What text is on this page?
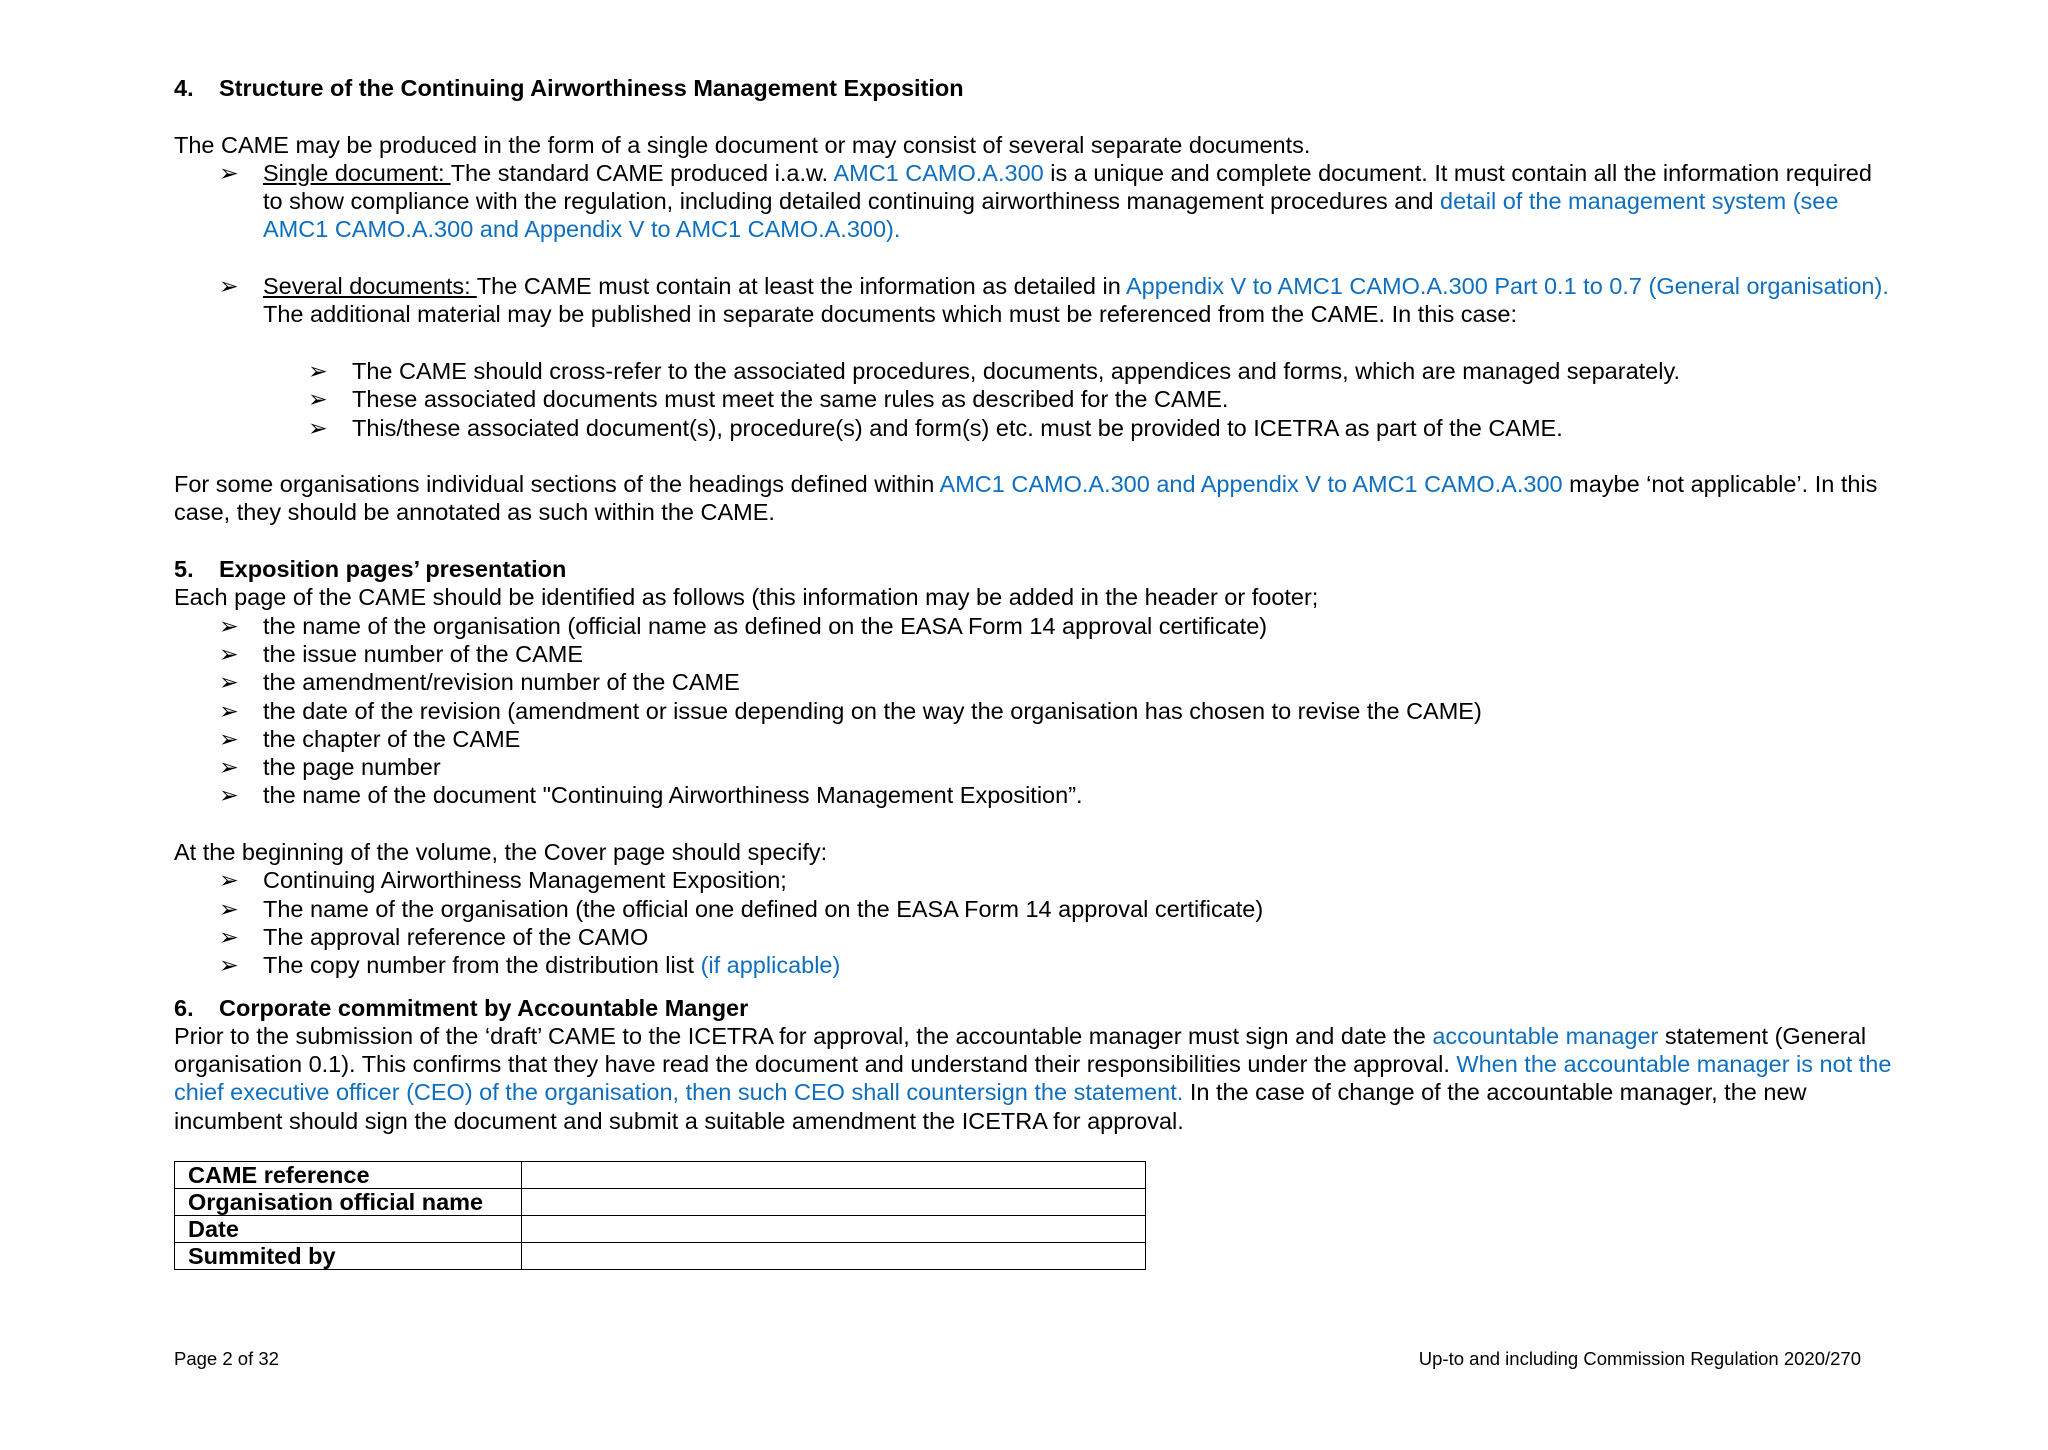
4.	Structure of the Continuing Airworthiness Management Exposition

The CAME may be produced in the form of a single document or may consist of several separate documents.

➢	Single document: The standard CAME produced i.a.w. AMC1 CAMO.A.300 is a unique and complete document. It must contain all the information required to show compliance with the regulation, including detailed continuing airworthiness management procedures and detail of the management system (see AMC1 CAMO.A.300 and Appendix V to AMC1 CAMO.A.300).
➢	Several documents: The CAME must contain at least the information as detailed in Appendix V to AMC1 CAMO.A.300 Part 0.1 to 0.7 (General organisation). The additional material may be published in separate documents which must be referenced from the CAME. In this case:
➢	The CAME should cross-refer to the associated procedures, documents, appendices and forms, which are managed separately.
➢	These associated documents must meet the same rules as described for the CAME.
➢	This/these associated document(s), procedure(s) and form(s) etc. must be provided to ICETRA as part of the CAME.

For some organisations individual sections of the headings defined within AMC1 CAMO.A.300 and Appendix V to AMC1 CAMO.A.300 maybe ‘not applicable’. In this case, they should be annotated as such within the CAME.

5.	Exposition pages’ presentation

Each page of the CAME should be identified as follows (this information may be added in the header or footer;

➢	the name of the organisation (official name as defined on the EASA Form 14 approval certificate)
➢	the issue number of the CAME
➢	the amendment/revision number of the CAME
➢	the date of the revision (amendment or issue depending on the way the organisation has chosen to revise the CAME)
➢	the chapter of the CAME
➢	the page number
➢	the name of the document "Continuing Airworthiness Management Exposition”.

At the beginning of the volume, the Cover page should specify:

➢	Continuing Airworthiness Management Exposition;
➢	The name of the organisation (the official one defined on the EASA Form 14 approval certificate)
➢	The approval reference of the CAMO
➢	The copy number from the distribution list (if applicable)
6.	Corporate commitment by Accountable Manger

Prior to the submission of the ‘draft’ CAME to the ICETRA for approval, the accountable manager must sign and date the accountable manager statement (General organisation 0.1). This confirms that they have read the document and understand their responsibilities under the approval. When the accountable manager is not the chief executive officer (CEO) of the organisation, then such CEO shall countersign the statement. In the case of change of the accountable manager, the new incumbent should sign the document and submit a suitable amendment the ICETRA for approval.

CAME reference	
Organisation official name	
Date	
Summited by	
Page 2 of 32	Up-to and including Commission Regulation 2020/270
